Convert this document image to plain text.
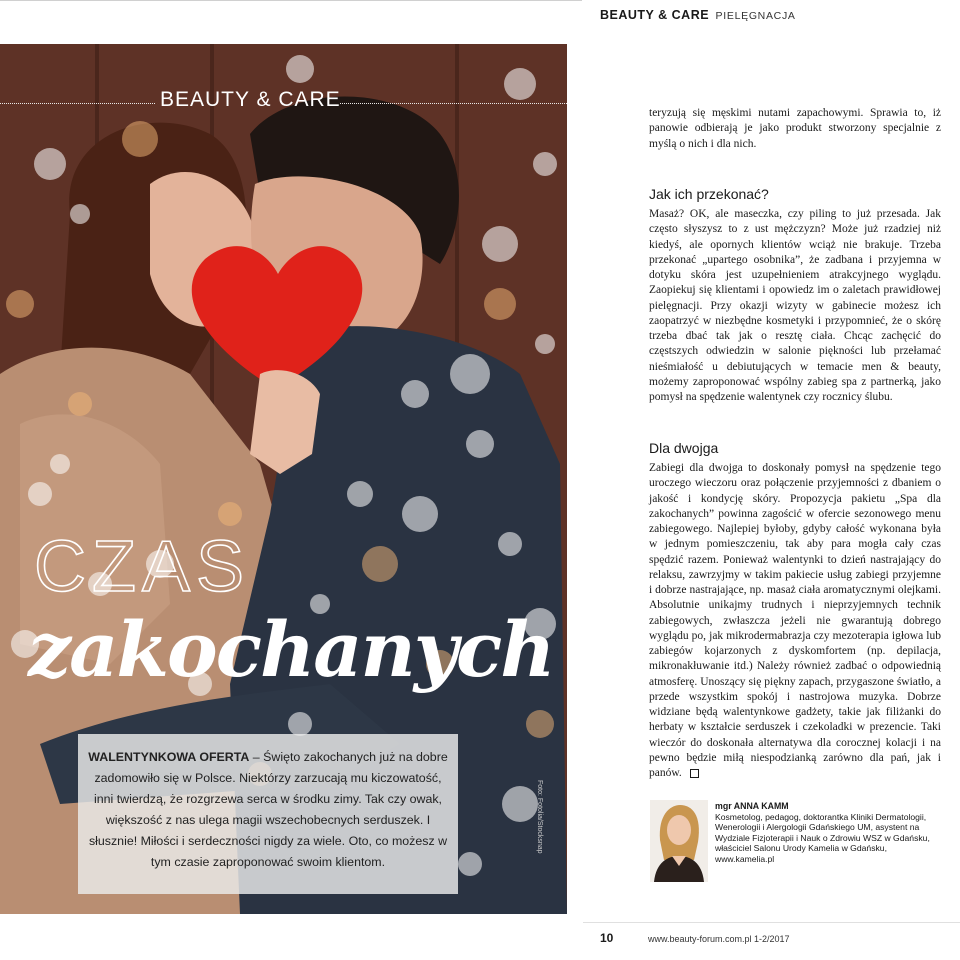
BEAUTY & CARE
CZAS
zakochanych
WALENTYNKOWA OFERTA – Święto zakochanych już na dobre zadomowiło się w Polsce. Niektórzy zarzucają mu kiczowatość, inni twierdzą, że rozgrzewa serca w środku zimy. Tak czy owak, większość z nas ulega magii wszechobecnych serduszek. I słusznie! Miłości i serdeczności nigdy za wiele. Oto, co możesz w tym czasie zaproponować swoim klientom.
Foto: Fotolia/Stocksnap
BEAUTY & CARE PIELĘGNACJA
teryzują się męskimi nutami zapachowymi. Sprawia to, iż panowie odbierają je jako produkt stworzony specjalnie z myślą o nich i dla nich.
Jak ich przekonać?
Masaż? OK, ale maseczka, czy piling to już przesada. Jak często słyszysz to z ust mężczyzn? Może już rzadziej niż kiedyś, ale opornych klientów wciąż nie brakuje. Trzeba przekonać „upartego osobnika”, że zadbana i przyjemna w dotyku skóra jest uzupełnieniem atrakcyjnego wyglądu. Zaopiekuj się klientami i opowiedz im o zaletach prawidłowej pielęgnacji. Przy okazji wizyty w gabinecie możesz ich zaopatrzyć w niezbędne kosmetyki i przypomnieć, że o skórę trzeba dbać tak jak o resztę ciała. Chcąc zachęcić do częstszych odwiedzin w salonie piękności lub przełamać nieśmiałość u debiutujących w temacie men & beauty, możemy zaproponować wspólny zabieg spa z partnerką, jako pomysł na spędzenie walentynek czy rocznicy ślubu.
Dla dwojga
Zabiegi dla dwojga to doskonały pomysł na spędzenie tego uroczego wieczoru oraz połączenie przyjemności z dbaniem o jakość i kondycję skóry. Propozycja pakietu „Spa dla zakochanych” powinna zagościć w ofercie sezonowego menu zabiegowego. Najlepiej byłoby, gdyby całość wykonana była w jednym pomieszczeniu, tak aby para mogła cały czas spędzić razem. Ponieważ walentynki to dzień nastrajający do relaksu, zawrzyjmy w takim pakiecie usług zabiegi przyjemne i dobrze nastrajające, np. masaż ciała aromatycznymi olejkami. Absolutnie unikajmy trudnych i nieprzyjemnych technik zabiegowych, zwłaszcza jeżeli nie gwarantują dobrego wyglądu po, jak mikrodermabrazja czy mezoterapia igłowa lub zabiegów kojarzonych z dyskomfortem (np. depilacja, mikronakłuwanie itd.) Należy również zadbać o odpowiednią atmosferę. Unoszący się piękny zapach, przygaszone światło, a przede wszystkim spokój i nastrojowa muzyka. Dobrze widziane będą walentynkowe gadżety, takie jak filiżanki do herbaty w kształcie serduszek i czekoladki w prezencie. Taki wieczór do doskonała alternatywa dla corocznej kolacji i na pewno będzie miłą niespodzianką zarówno dla pań, jak i panów.
mgr ANNA KAMM
Kosmetolog, pedagog, doktorantka Kliniki Dermatologii, Wenerologii i Alergologii Gdańskiego UM, asystent na Wydziale Fizjoterapii i Nauk o Zdrowiu WSZ w Gdańsku, właściciel Salonu Urody Kamelia w Gdańsku, www.kamelia.pl
10	www.beauty-forum.com.pl 1-2/2017
